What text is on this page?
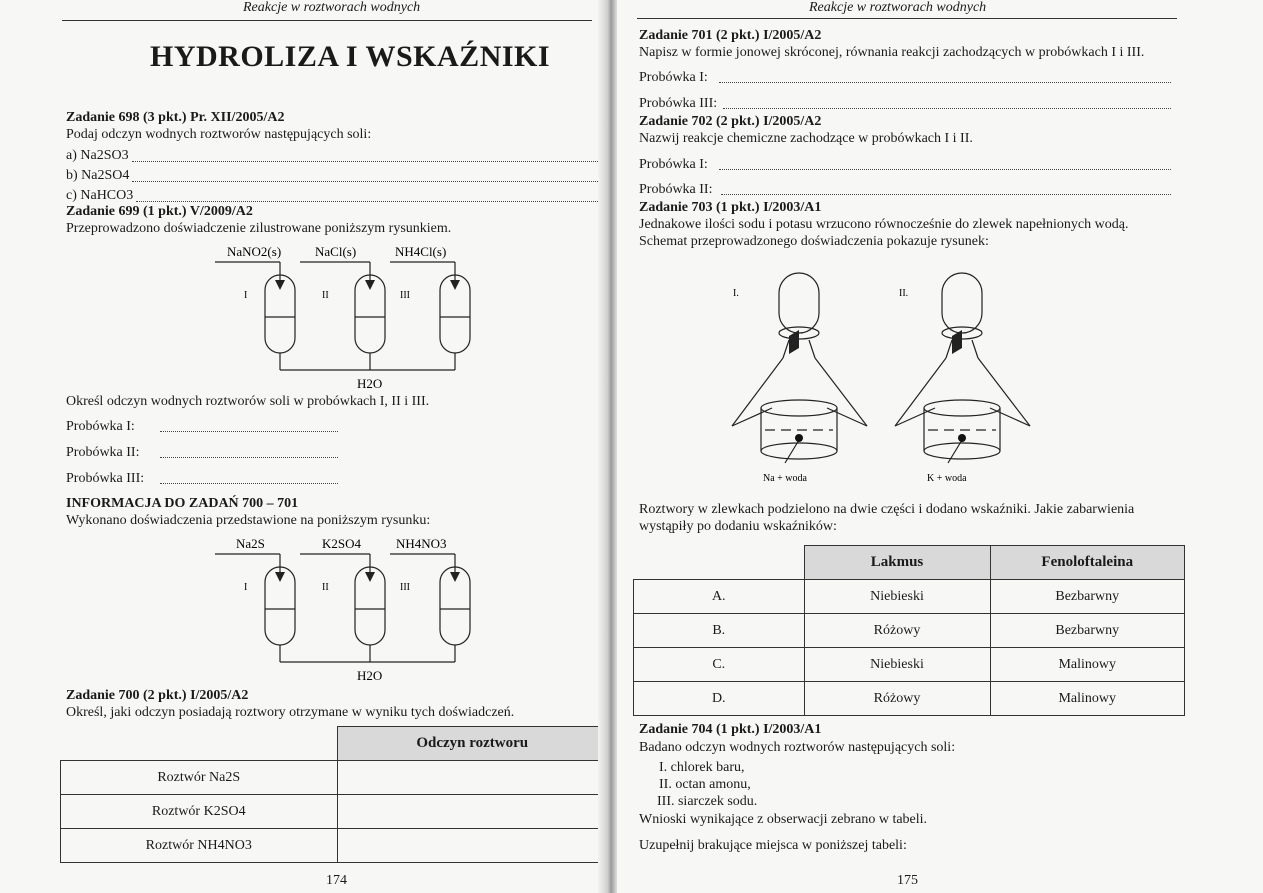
Reakcje w roztworach wodnych
HYDROLIZA I WSKAŹNIKI
Zadanie 698 (3 pkt.) Pr. XII/2005/A2
Podaj odczyn wodnych roztworów następujących soli:
a) Na2SO3
b) Na2SO4
c) NaHCO3
Zadanie 699 (1 pkt.) V/2009/A2
Przeprowadzono doświadczenie zilustrowane poniższym rysunkiem.
NaNO2(s)	NaCl(s)	NH4Cl(s)
I	II	III
H2O
Określ odczyn wodnych roztworów soli w probówkach I, II i III.
Probówka I:
Probówka II:
Probówka III:
INFORMACJA DO ZADAŃ 700 – 701
Wykonano doświadczenia przedstawione na poniższym rysunku:
Na2S	K2SO4	NH4NO3
I	II	III
H2O
Zadanie 700 (2 pkt.) I/2005/A2
Określ, jaki odczyn posiadają roztwory otrzymane w wyniku tych doświadczeń.
	Odczyn roztworu
Roztwór Na2S	
Roztwór K2SO4	
Roztwór NH4NO3	
174
Reakcje w roztworach wodnych
Zadanie 701 (2 pkt.) I/2005/A2
Napisz w formie jonowej skróconej, równania reakcji zachodzących w probówkach I i III.
Probówka I:
Probówka III:
Zadanie 702 (2 pkt.) I/2005/A2
Nazwij reakcje chemiczne zachodzące w probówkach I i II.
Probówka I:
Probówka II:
Zadanie 703 (1 pkt.) I/2003/A1
Jednakowe ilości sodu i potasu wrzucono równocześnie do zlewek napełnionych wodą.
Schemat przeprowadzonego doświadczenia pokazuje rysunek:
I.	II.
Na + woda	K + woda
Roztwory w zlewkach podzielono na dwie części i dodano wskaźniki. Jakie zabarwienia
wystąpiły po dodaniu wskaźników:
	Lakmus	Fenoloftaleina
A.	Niebieski	Bezbarwny
B.	Różowy	Bezbarwny
C.	Niebieski	Malinowy
D.	Różowy	Malinowy
Zadanie 704 (1 pkt.) I/2003/A1
Badano odczyn wodnych roztworów następujących soli:
I. chlorek baru,
II. octan amonu,
III. siarczek sodu.
Wnioski wynikające z obserwacji zebrano w tabeli.
Uzupełnij brakujące miejsca w poniższej tabeli:
175
